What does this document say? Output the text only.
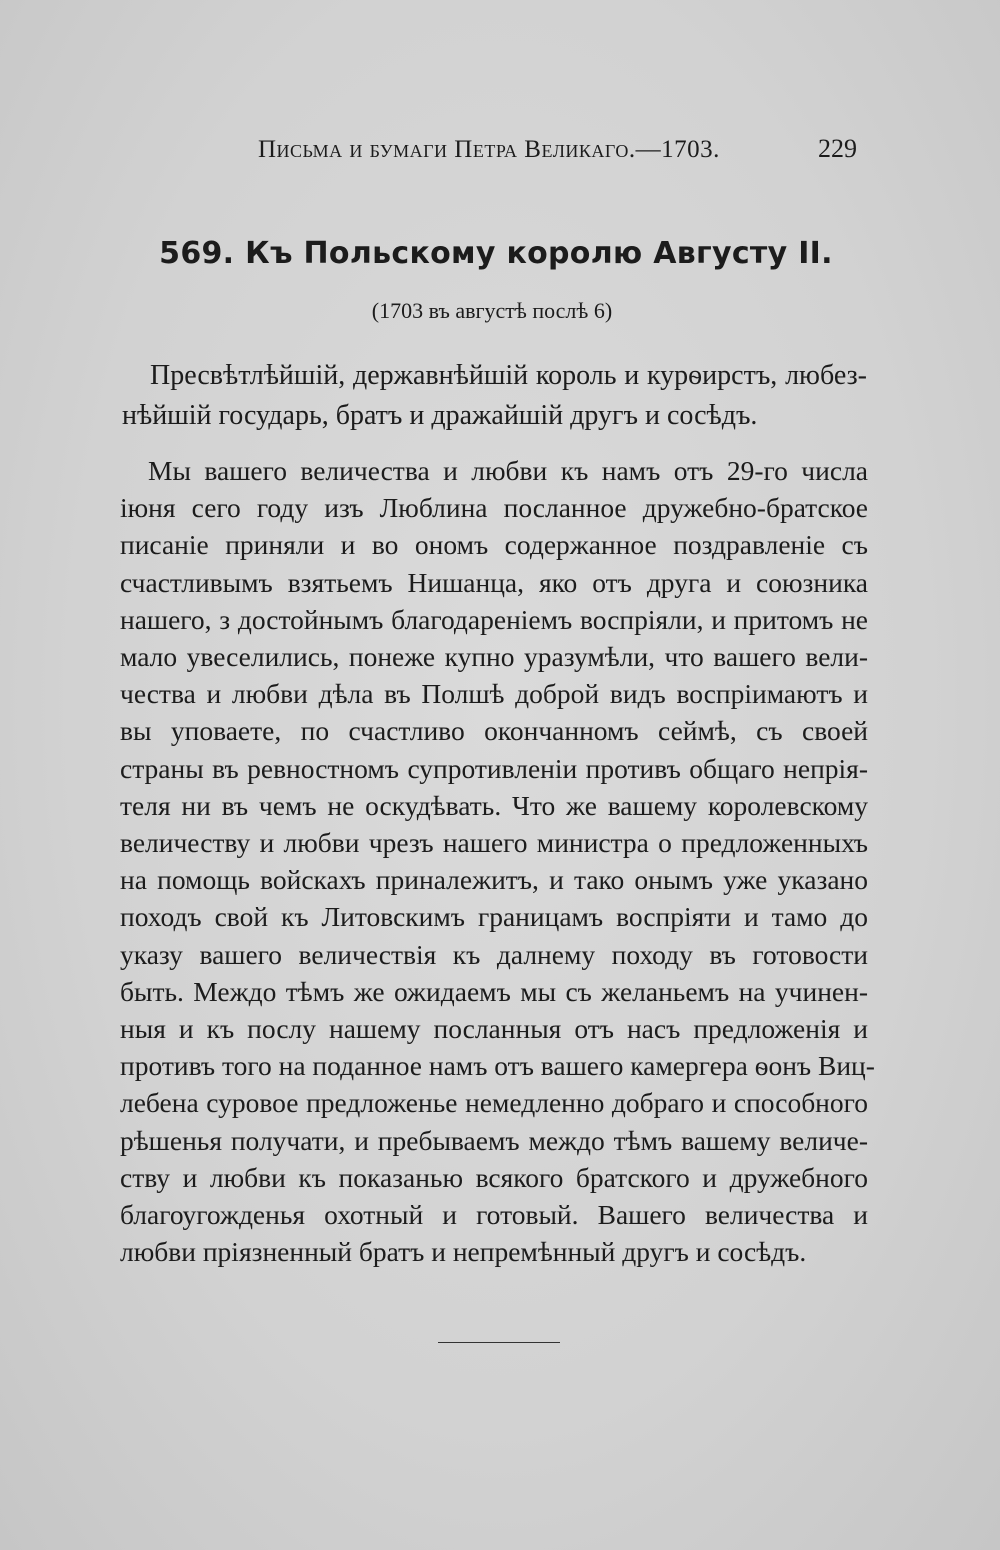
Письма и бумаги Петра Великаго.—1703.	229
569. Къ Польскому королю Августу II.
(1703 въ августѣ послѣ 6)
Пресвѣтлѣйшiй, державнѣйшiй король и курѳирстъ, любез-
нѣйшiй государь, братъ и дражайшiй другъ и сосѣдъ.
Мы вашего величества и любви къ намъ отъ 29-го числа
iюня сего году изъ Люблина посланное дружебно-братское
писанiе приняли и во ономъ содержанное поздравленiе съ
счастливымъ взятьемъ Нишанца, яко отъ друга и союзника
нашего, з достойнымъ благодаренiемъ воспрiяли, и притомъ не
мало увеселились, понеже купно уразумѣли, что вашего вели-
чества и любви дѣла въ Полшѣ доброй видъ воспрiимаютъ и
вы уповаете, по счастливо окончанномъ сеймѣ, съ своей
страны въ ревностномъ супротивленiи противъ общаго непрiя-
теля ни въ чемъ не оскудѣвать. Что же вашему королевскому
величеству и любви чрезъ нашего министра о предложенныхъ
на помощь войскахъ приналежитъ, и тако онымъ уже указано
походъ свой къ Литовскимъ границамъ воспрiяти и тамо до
указу вашего величествiя къ далнему походу въ готовости
быть. Междо тѣмъ же ожидаемъ мы съ желаньемъ на учинен-
ныя и къ послу нашему посланныя отъ насъ предложенiя и
противъ того на поданное намъ отъ вашего камергера ѳонъ Виц-
лебена суровое предложенье немедленно добраго и способного
рѣшенья получати, и пребываемъ междо тѣмъ вашему величе-
ству и любви къ показанью всякого братского и дружебного
благоугожденья охотный и готовый. Вашего величества и
любви прiязненный братъ и непремѣнный другъ и сосѣдъ.
